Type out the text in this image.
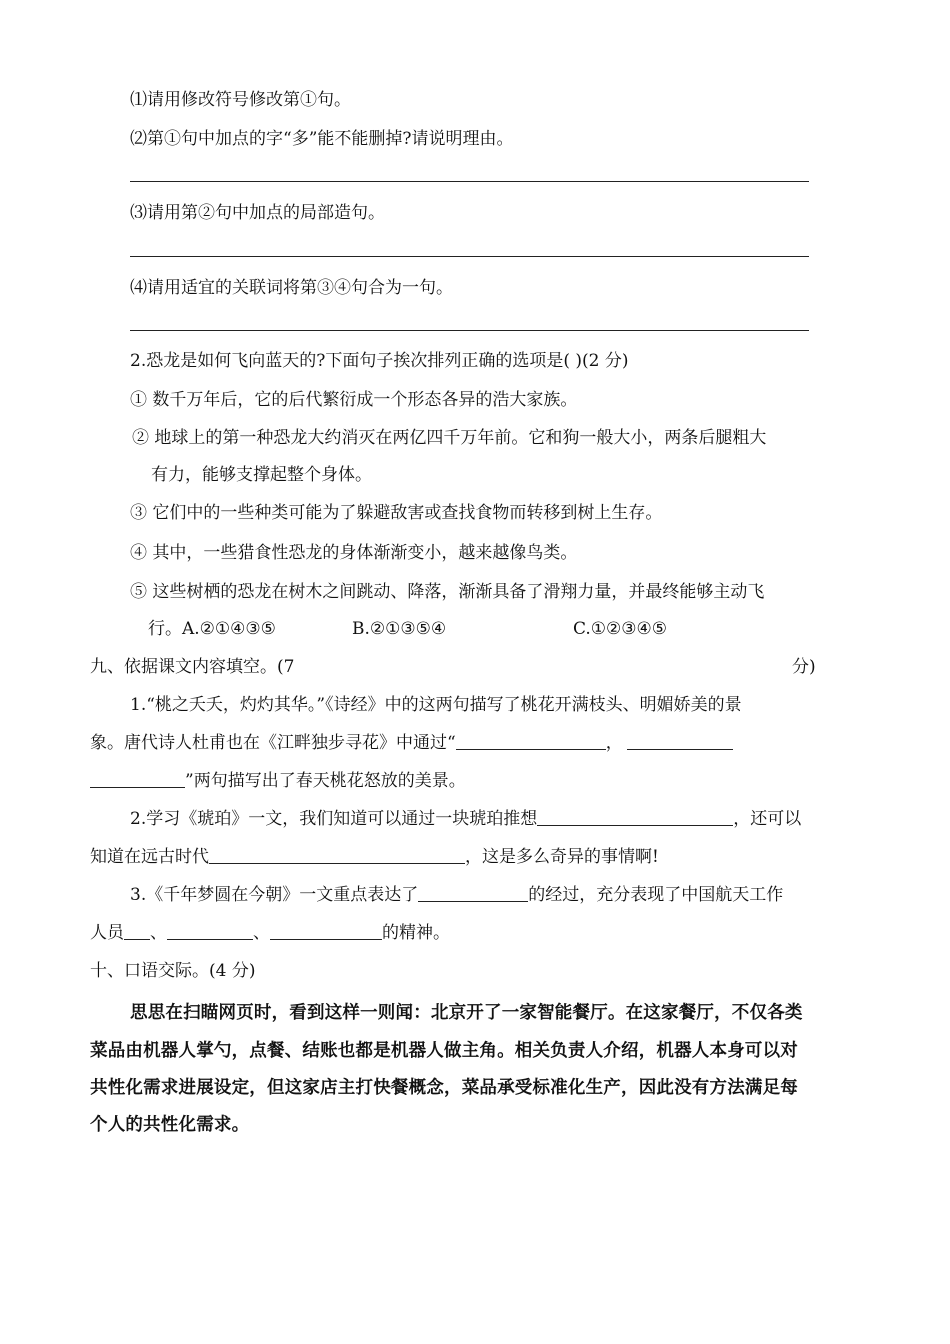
⑴请用修改符号修改第①句。
⑵第①句中加点的字“多”能不能删掉?请说明理由。
⑶请用第②句中加点的局部造句。
⑷请用适宜的关联词将第③④句合为一句。
2.恐龙是如何飞向蓝天的?下面句子挨次排列正确的选项是( )(2 分)
① 数千万年后，它的后代繁衍成一个形态各异的浩大家族。
② 地球上的第一种恐龙大约消灭在两亿四千万年前。它和狗一般大小，两条后腿粗大
有力，能够支撑起整个身体。
③ 它们中的一些种类可能为了躲避敌害或查找食物而转移到树上生存。
④ 其中，一些猎食性恐龙的身体渐渐变小，越来越像鸟类。
⑤ 这些树栖的恐龙在树木之间跳动、降落，渐渐具备了滑翔力量，并最终能够主动飞
行。A.②①④③⑤	B.②①③⑤④	C.①②③④⑤
九、依据课文内容填空。(7	分)
1.“桃之夭夭，灼灼其华。”《诗经》中的这两句描写了桃花开满枝头、明媚娇美的景
象。唐代诗人杜甫也在《江畔独步寻花》中通过“	，
”两句描写出了春天桃花怒放的美景。
2.学习《琥珀》一文，我们知道可以通过一块琥珀推想	，还可以
知道在远古时代	，这是多么奇异的事情啊!
3.《千年梦圆在今朝》一文重点表达了	的经过，充分表现了中国航天工作
人员 、	、	的精神。
十、口语交际。(4 分)
思思在扫瞄网页时，看到这样一则闻：北京开了一家智能餐厅。在这家餐厅，不仅各类
菜品由机器人掌勺，点餐、结账也都是机器人做主角。相关负责人介绍，机器人本身可以对
共性化需求进展设定，但这家店主打快餐概念，菜品承受标准化生产，因此没有方法满足每
个人的共性化需求。
